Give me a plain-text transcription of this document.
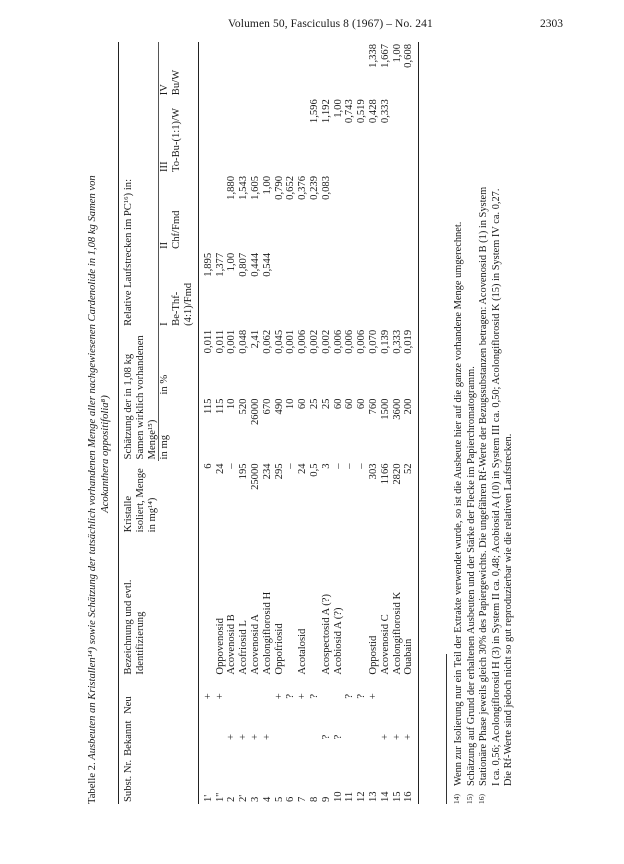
Volumen 50, Fasciculus 8 (1967) – No. 241	2303
Tabelle 2. Ausbeuten an Kristallen¹⁴) sowie Schätzung der tatsächlich vorhandenen Menge aller nachgewiesenen Cardenolide in 1,08 kg Samen von Acokanthera oppositifolia⁸)
Subst. Nr.	Bekannt	Neu	Bezeichnung und evtl. Identifizierung	Kristalle isoliert, Menge in mg¹⁴)	Schätzung der in 1,08 kg Samen wirklich vorhandenen Menge¹⁵)		Relative Laufstrecken im PC¹⁶) in:			
					in mg	in %	I	II	III	IV
							Be-Thf-(4:1)/Fmd	Chf/Fmd	To-Bu-(1:1)/W	Bu/W
1'		+		6	115	0,011	1,895			
1''		+	Oppovenosid	24	115	0,011	1,377			
2	+		Acovenosid B	–	10	0,001	1,00	1,880		
2'	+		Acofriosid L	195	520	0,048	0,807	1,543		
3	+		Acovenosid A	25000	26000	2,41	0,444	1,605		
4	+		Acolongiflorosid H	234	670	0,062	0,544	1,00		
5		+	Oppofriosid	295	490	0,045		0,790		
6		?		–	10	0,001		0,652		
7		+	Acotalosid	24	60	0,006		0,376		
8		?		0,5	25	0,002		0,239	1,596	
9	?		Acospectosid A (?)	3	25	0,002		0,083	1,192	
10	?		Acobiosid A (?)	–	60	0,006			1,00	
11		?		–	60	0,006			0,743	
12		?		–	60	0,006			0,519	
13		+	Oppostid	303	760	0,070			0,428	1,338
14	+		Acovenosid C	1166	1500	0,139			0,333	1,667
15	+		Acolongiflorosid K	2820	3600	0,333				1,00
16	+		Ouabain	52	200	0,019				0,608
14)
Wenn zur Isolierung nur ein Teil der Extrakte verwendet wurde, so ist die Ausbeute hier auf die ganze vorhandene Menge umgerechnet.
15)
Schätzung auf Grund der erhaltenen Ausbeuten und der Stärke der Flecke im Papierchromatogramm.
16)
Stationäre Phase jeweils gleich 30% des Papiergewichts. Die ungefähren Rf-Werte der Bezugssubstanzen betragen: Acovenosid B (1) in System I ca. 0,56; Acolongiflorosid H (3) in System II ca. 0,48; Acobiosid A (10) in System III ca. 0,50; Acolongiflorosid K (15) in System IV ca. 0,27. Die Rf-Werte sind jedoch nicht so gut reproduzierbar wie die relativen Laufstrecken.
